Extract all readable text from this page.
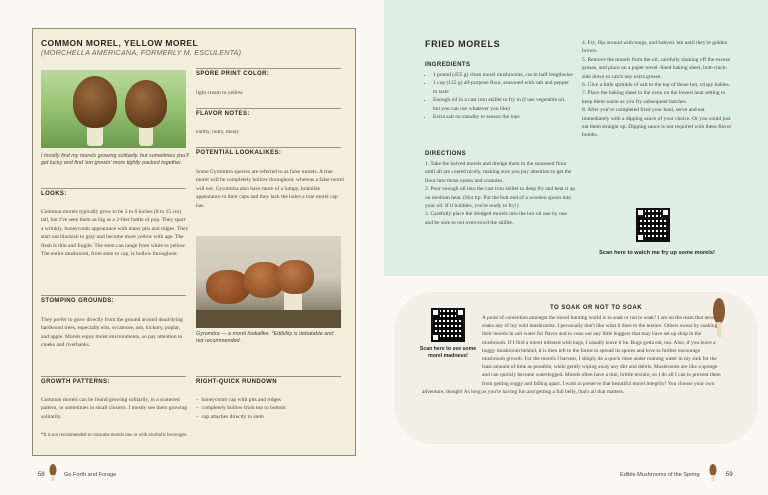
COMMON MOREL, YELLOW MOREL
(MORCHELLA AMERICANA, FORMERLY M. ESCULENTA)
I mostly find my morels growing solitarily, but sometimes you'll get lucky and find 'em growin' more tightly packed together.
LOOKS:
Common morels typically grow to be 3 to 6 inches (8 to 15 cm) tall, but I've seen them as big as a 2-liter bottle of pop. They sport a wrinkly, honeycomb appearance with many pits and ridges. They start out blackish to gray and become more yellow with age. The flesh is thin and fragile. The stem can range from white to yellow. The entire mushroom, from stem to cap, is hollow throughout.
SPORE PRINT COLOR:
light cream to yellow
FLAVOR NOTES:
earthy, nutty, meaty
POTENTIAL LOOKALIKES:
Some Gyromitra species are referred to as false morels. A true morel will be completely hollow throughout, whereas a false morel will not. Gyromitra also have more of a lumpy, brainlike appearance to their caps and they lack the holes a true morel cap has.
Gyromitra — a morel lookalike. *Edibility is debatable and not recommended.
STOMPING GROUNDS:
They prefer to grow directly from the ground around dead/dying hardwood trees, especially elm, sycamore, ash, hickory, poplar, and apple. Morels enjoy moist environments, so pay attention to creeks and riverbanks.
GROWTH PATTERNS:
Common morels can be found growing solitarily, in a scattered pattern, or sometimes in small clusters. I mostly see them growing solitarily.
RIGHT-QUICK RUNDOWN
–  honeycomb cap with pits and ridges
–  completely hollow from top to bottom
–  cap attaches directly to stem
*It is not recommended to consume morels raw or with alcoholic beverages.
58	Go Forth and Forage
FRIED MORELS
INGREDIENTS
• 1 pound (455 g) clean morel mushrooms, cut in half lengthwise
• 1 cup (125 g) all-purpose flour, seasoned with salt and pepper to taste
• Enough oil in a cast iron skillet to fry in (I use vegetable oil, but you can use whatever you like)
• Extra salt on standby to season the tops
DIRECTIONS
1. Take the halved morels and dredge them in the seasoned flour until all are coated nicely, making sure you pay attention to get the flour into those nooks and crannies.
2. Pour enough oil into the cast iron skillet to deep fry and heat it up on medium heat. (Hot tip: Put the butt end of a wooden spoon into your oil. If it bubbles, you're ready to fry!)
3. Carefully place the dredged morels into the hot oil one by one and be sure to not overcrowd the skillet.
4. Fry, flip around with tongs, and babysit 'em until they're golden brown.
5. Remove the morels from the oil, carefully shaking off the excess grease, and place on a paper towel–lined baking sheet, butt-crack-side down to catch any extra grease.
6. Give a little sprinkle of salt to the top of those hot, crispy babies.
7. Place the baking sheet in the oven on the lowest heat setting to keep them warm as you fry subsequent batches.
8. After you've completed fried your haul, serve and eat immediately with a dipping sauce of your choice. Or you could just eat them straight up. Dipping sauce is not required with these flavor bombs.
Scan here to watch me fry up some morels!
TO SOAK OR NOT TO SOAK
Scan here to see some morel madness!
A point of contention amongst the morel hunting world is to soak or not to soak? I am on the team that never soaks any of my wild mushrooms. I personally don't like what it does to the texture. Others swear by soaking their morels in salt water for flavor and to coax out any little buggers that may have set up shop in the mushroom. If I find a morel infested with bugs, I usually leave it be. Bugs gotta eat, too. Also, if you leave a buggy mushroom behind, it is then left to the forest to spread its spores and love to further encourage mushroom growth. For the morels I harvest, I simply do a quick rinse under running water in my sink for the least amount of time as possible, while gently wiping away any dirt and debris. Mushrooms are like a sponge and can quickly become waterlogged. Morels often have a thin, brittle texture, so I do all I can to prevent them from getting soggy and falling apart. I want to preserve that beautiful morel integrity! You choose your own adventure, though! As long as you're having fun and getting a full belly, that's all that matters.
Edible Mushrooms of the Spring	59
